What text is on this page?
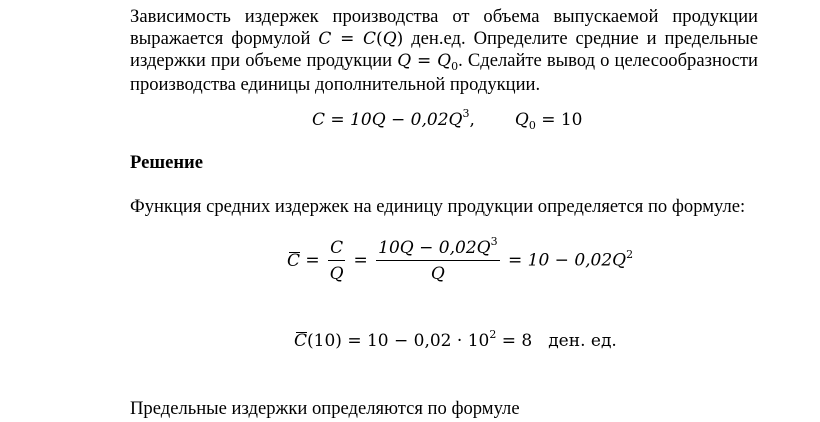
Зависимость издержек производства от объема выпускаемой продукции выражается формулой C = C(Q) ден.ед. Определите средние и предельные издержки при объеме продукции $Q = Q_0$. Сделайте вывод о целесообразности производства единицы дополнительной продукции.
$C = 10Q - 0,02Q^3$, $Q_0 = 10$
Решение
Функция средних издержек на единицу продукции определяется по формуле:
$C = \frac{C}{Q} = \frac{10Q - 0,02Q^3}{Q} = 10 - 0,02Q^2$
$C(10) = 10 - 0,02 \cdot 10^2 = 8$ ден. ед.
Предельные издержки определяются по формуле
